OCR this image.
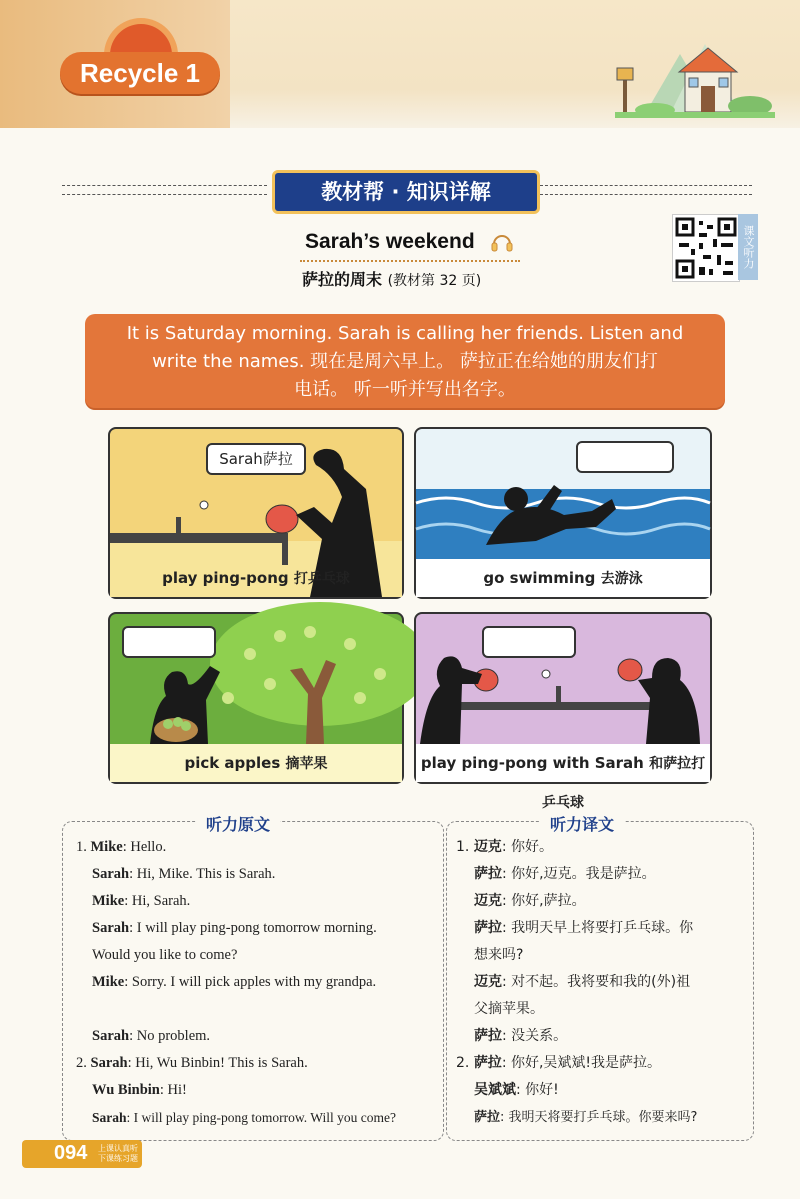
Recycle 1
教材帮 · 知识详解
Sarah’s weekend
萨拉的周末 (教材第 32 页)
课文听力
It is Saturday morning. Sarah is calling her friends. Listen and
write the names. 现在是周六早上。 萨拉正在给她的朋友们打
电话。 听一听并写出名字。
Sarah萨拉
play ping-pong 打乒乓球	go swimming 去游泳
pick apples 摘苹果	play ping-pong with Sarah 和萨拉打乒乓球
听力原文	听力译文
1. Mike: Hello.
Sarah: Hi, Mike. This is Sarah.
Mike: Hi, Sarah.
Sarah: I will play ping-pong tomorrow morning.
Would you like to come?
Mike: Sorry. I will pick apples with my grandpa.
Sarah: No problem.
2. Sarah: Hi, Wu Binbin! This is Sarah.
Wu Binbin: Hi!
Sarah: I will play ping-pong tomorrow. Will you come?
1. 迈克: 你好。
萨拉: 你好,迈克。我是萨拉。
迈克: 你好,萨拉。
萨拉: 我明天早上将要打乒乓球。你
想来吗?
迈克: 对不起。我将要和我的(外)祖
父摘苹果。
萨拉: 没关系。
2. 萨拉: 你好,吴斌斌!我是萨拉。
吴斌斌: 你好!
萨拉: 我明天将要打乒乓球。你要来吗?
094 上课认真听
下课练习题
